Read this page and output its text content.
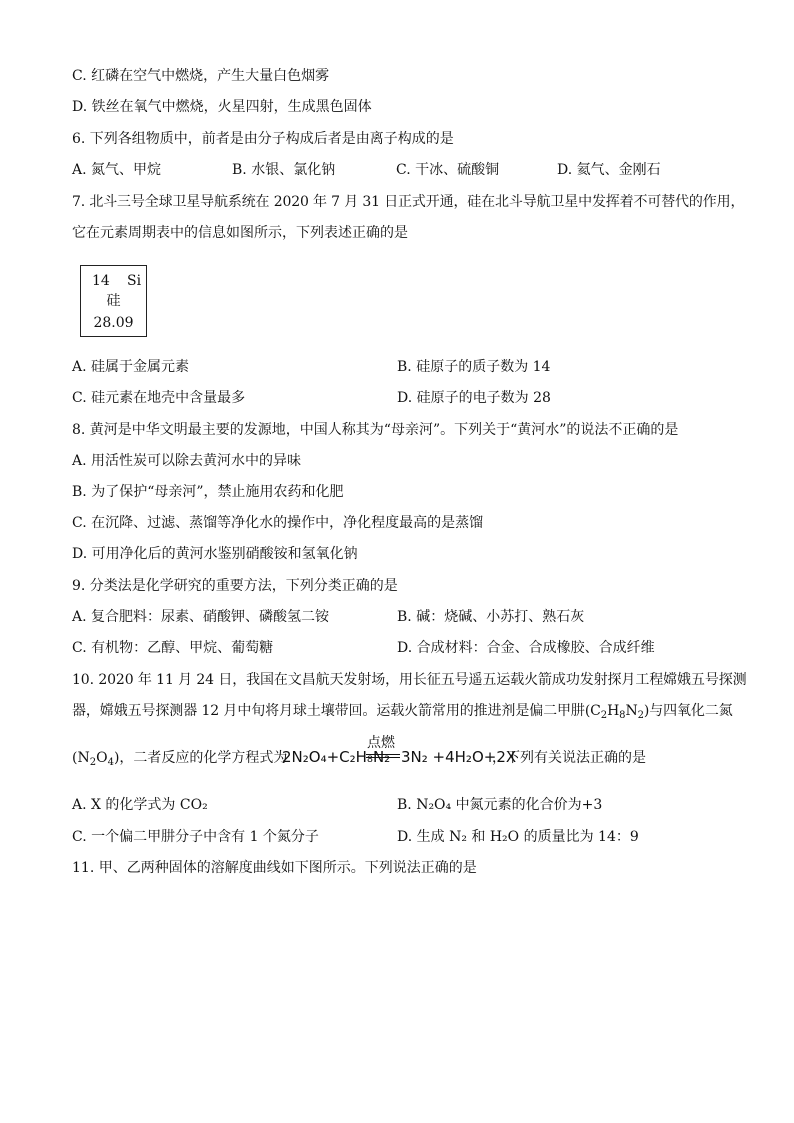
C. 红磷在空气中燃烧，产生大量白色烟雾
D. 铁丝在氧气中燃烧，火星四射，生成黑色固体
6. 下列各组物质中，前者是由分子构成后者是由离子构成的是
A. 氮气、甲烷	B. 水银、氯化钠	C. 干冰、硫酸铜	D. 氦气、金刚石
7. 北斗三号全球卫星导航系统在 2020 年 7 月 31 日正式开通，硅在北斗导航卫星中发挥着不可替代的作用，
它在元素周期表中的信息如图所示，下列表述正确的是
14 Si
硅
28.09
A. 硅属于金属元素	B. 硅原子的质子数为 14
C. 硅元素在地壳中含量最多	D. 硅原子的电子数为 28
8. 黄河是中华文明最主要的发源地，中国人称其为“母亲河”。下列关于“黄河水”的说法不正确的是
A. 用活性炭可以除去黄河水中的异味
B. 为了保护“母亲河”，禁止施用农药和化肥
C. 在沉降、过滤、蒸馏等净化水的操作中，净化程度最高的是蒸馏
D. 可用净化后的黄河水鉴别硝酸铵和氢氧化钠
9. 分类法是化学研究的重要方法，下列分类正确的是
A. 复合肥料：尿素、硝酸钾、磷酸氢二铵	B. 碱：烧碱、小苏打、熟石灰
C. 有机物：乙醇、甲烷、葡萄糖	D. 合成材料：合金、合成橡胶、合成纤维
10. 2020 年 11 月 24 日，我国在文昌航天发射场，用长征五号遥五运载火箭成功发射探月工程嫦娥五号探测
器，嫦娥五号探测器 12 月中旬将月球土壤带回。运载火箭常用的推进剂是偏二甲肼$(C_2H_8N_2)$与四氧化二氮
$(N_2O_4)$，二者反应的化学方程式为
2N₂O₄+C₂H₈N₂
点燃
3N₂ +4H₂O+2X
，下列有关说法正确的是
A. X 的化学式为 CO₂	B. N₂O₄ 中氮元素的化合价为+3
C. 一个偏二甲肼分子中含有 1 个氮分子	D. 生成 N₂ 和 H₂O 的质量比为 14：9
11. 甲、乙两种固体的溶解度曲线如下图所示。下列说法正确的是
